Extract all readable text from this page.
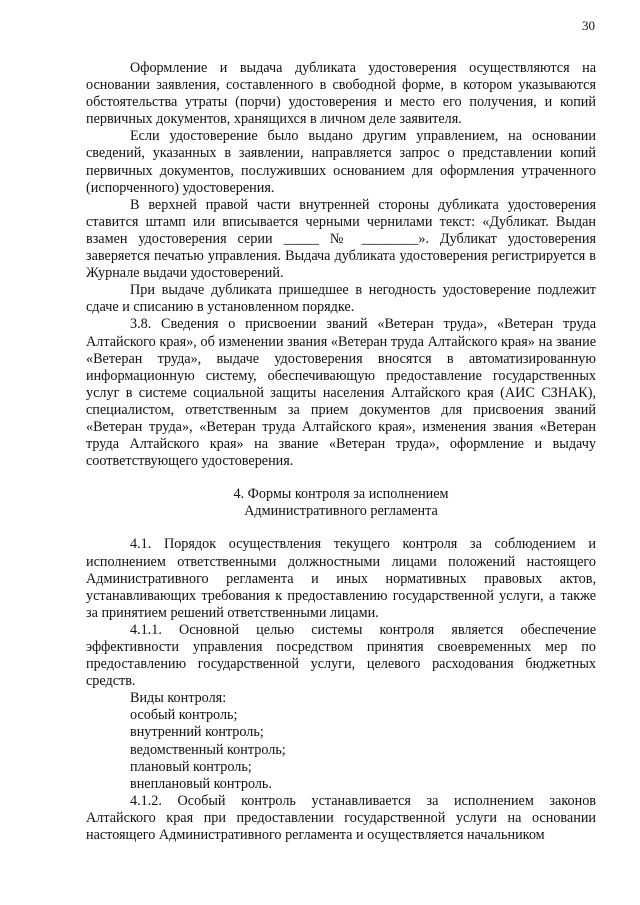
30

Оформление и выдача дубликата удостоверения осуществляются на основании заявления, составленного в свободной форме, в котором указываются обстоятельства утраты (порчи) удостоверения и место его получения, и копий первичных документов, хранящихся в личном деле заявителя.

Если удостоверение было выдано другим управлением, на основании сведений, указанных в заявлении, направляется запрос о представлении копий первичных документов, послуживших основанием для оформления утраченного (испорченного) удостоверения.

В верхней правой части внутренней стороны дубликата удостоверения ставится штамп или вписывается черными чернилами текст: «Дубликат. Выдан взамен удостоверения серии _____ № ________». Дубликат удостоверения заверяется печатью управления. Выдача дубликата удостоверения регистрируется в Журнале выдачи удостоверений.

При выдаче дубликата пришедшее в негодность удостоверение подлежит сдаче и списанию в установленном порядке.

3.8. Сведения о присвоении званий «Ветеран труда», «Ветеран труда Алтайского края», об изменении звания «Ветеран труда Алтайского края» на звание «Ветеран труда», выдаче удостоверения вносятся в автоматизированную информационную систему, обеспечивающую предоставление государственных услуг в системе социальной защиты населения Алтайского края (АИС СЗНАК), специалистом, ответственным за прием документов для присвоения званий «Ветеран труда», «Ветеран труда Алтайского края», изменения звания «Ветеран труда Алтайского края» на звание «Ветеран труда», оформление и выдачу соответствующего удостоверения.

4. Формы контроля за исполнением
Административного регламента

4.1. Порядок осуществления текущего контроля за соблюдением и исполнением ответственными должностными лицами положений настоящего Административного регламента и иных нормативных правовых актов, устанавливающих требования к предоставлению государственной услуги, а также за принятием решений ответственными лицами.

4.1.1. Основной целью системы контроля является обеспечение эффективности управления посредством принятия своевременных мер по предоставлению государственной услуги, целевого расходования бюджетных средств.

Виды контроля:
особый контроль;
внутренний контроль;
ведомственный контроль;
плановый контроль;
внеплановый контроль.

4.1.2. Особый контроль устанавливается за исполнением законов Алтайского края при предоставлении государственной услуги на основании настоящего Административного регламента и осуществляется начальником
